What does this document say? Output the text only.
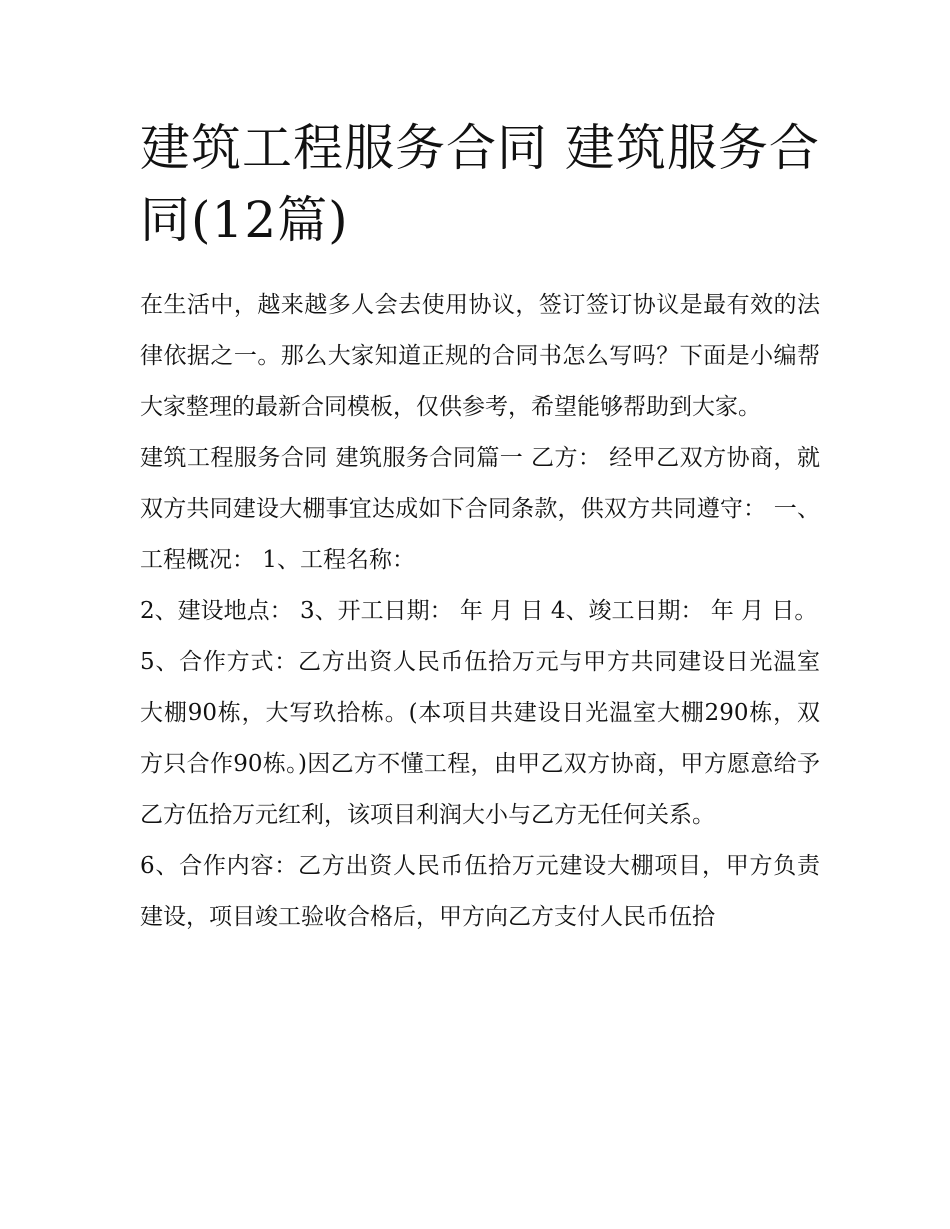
建筑工程服务合同 建筑服务合同(12篇)

在生活中，越来越多人会去使用协议，签订签订协议是最有效的法律依据之一。那么大家知道正规的合同书怎么写吗？下面是小编帮大家整理的最新合同模板，仅供参考，希望能够帮助到大家。

建筑工程服务合同 建筑服务合同篇一 乙方： 经甲乙双方协商，就双方共同建设大棚事宜达成如下合同条款，供双方共同遵守： 一、工程概况： 1、工程名称：

2、建设地点： 3、开工日期： 年 月 日 4、竣工日期： 年 月 日。

5、合作方式：乙方出资人民币伍拾万元与甲方共同建设日光温室大棚90栋，大写玖拾栋。(本项目共建设日光温室大棚290栋，双方只合作90栋。)因乙方不懂工程，由甲乙双方协商，甲方愿意给予乙方伍拾万元红利，该项目利润大小与乙方无任何关系。

6、合作内容：乙方出资人民币伍拾万元建设大棚项目，甲方负责建设，项目竣工验收合格后，甲方向乙方支付人民币伍拾
